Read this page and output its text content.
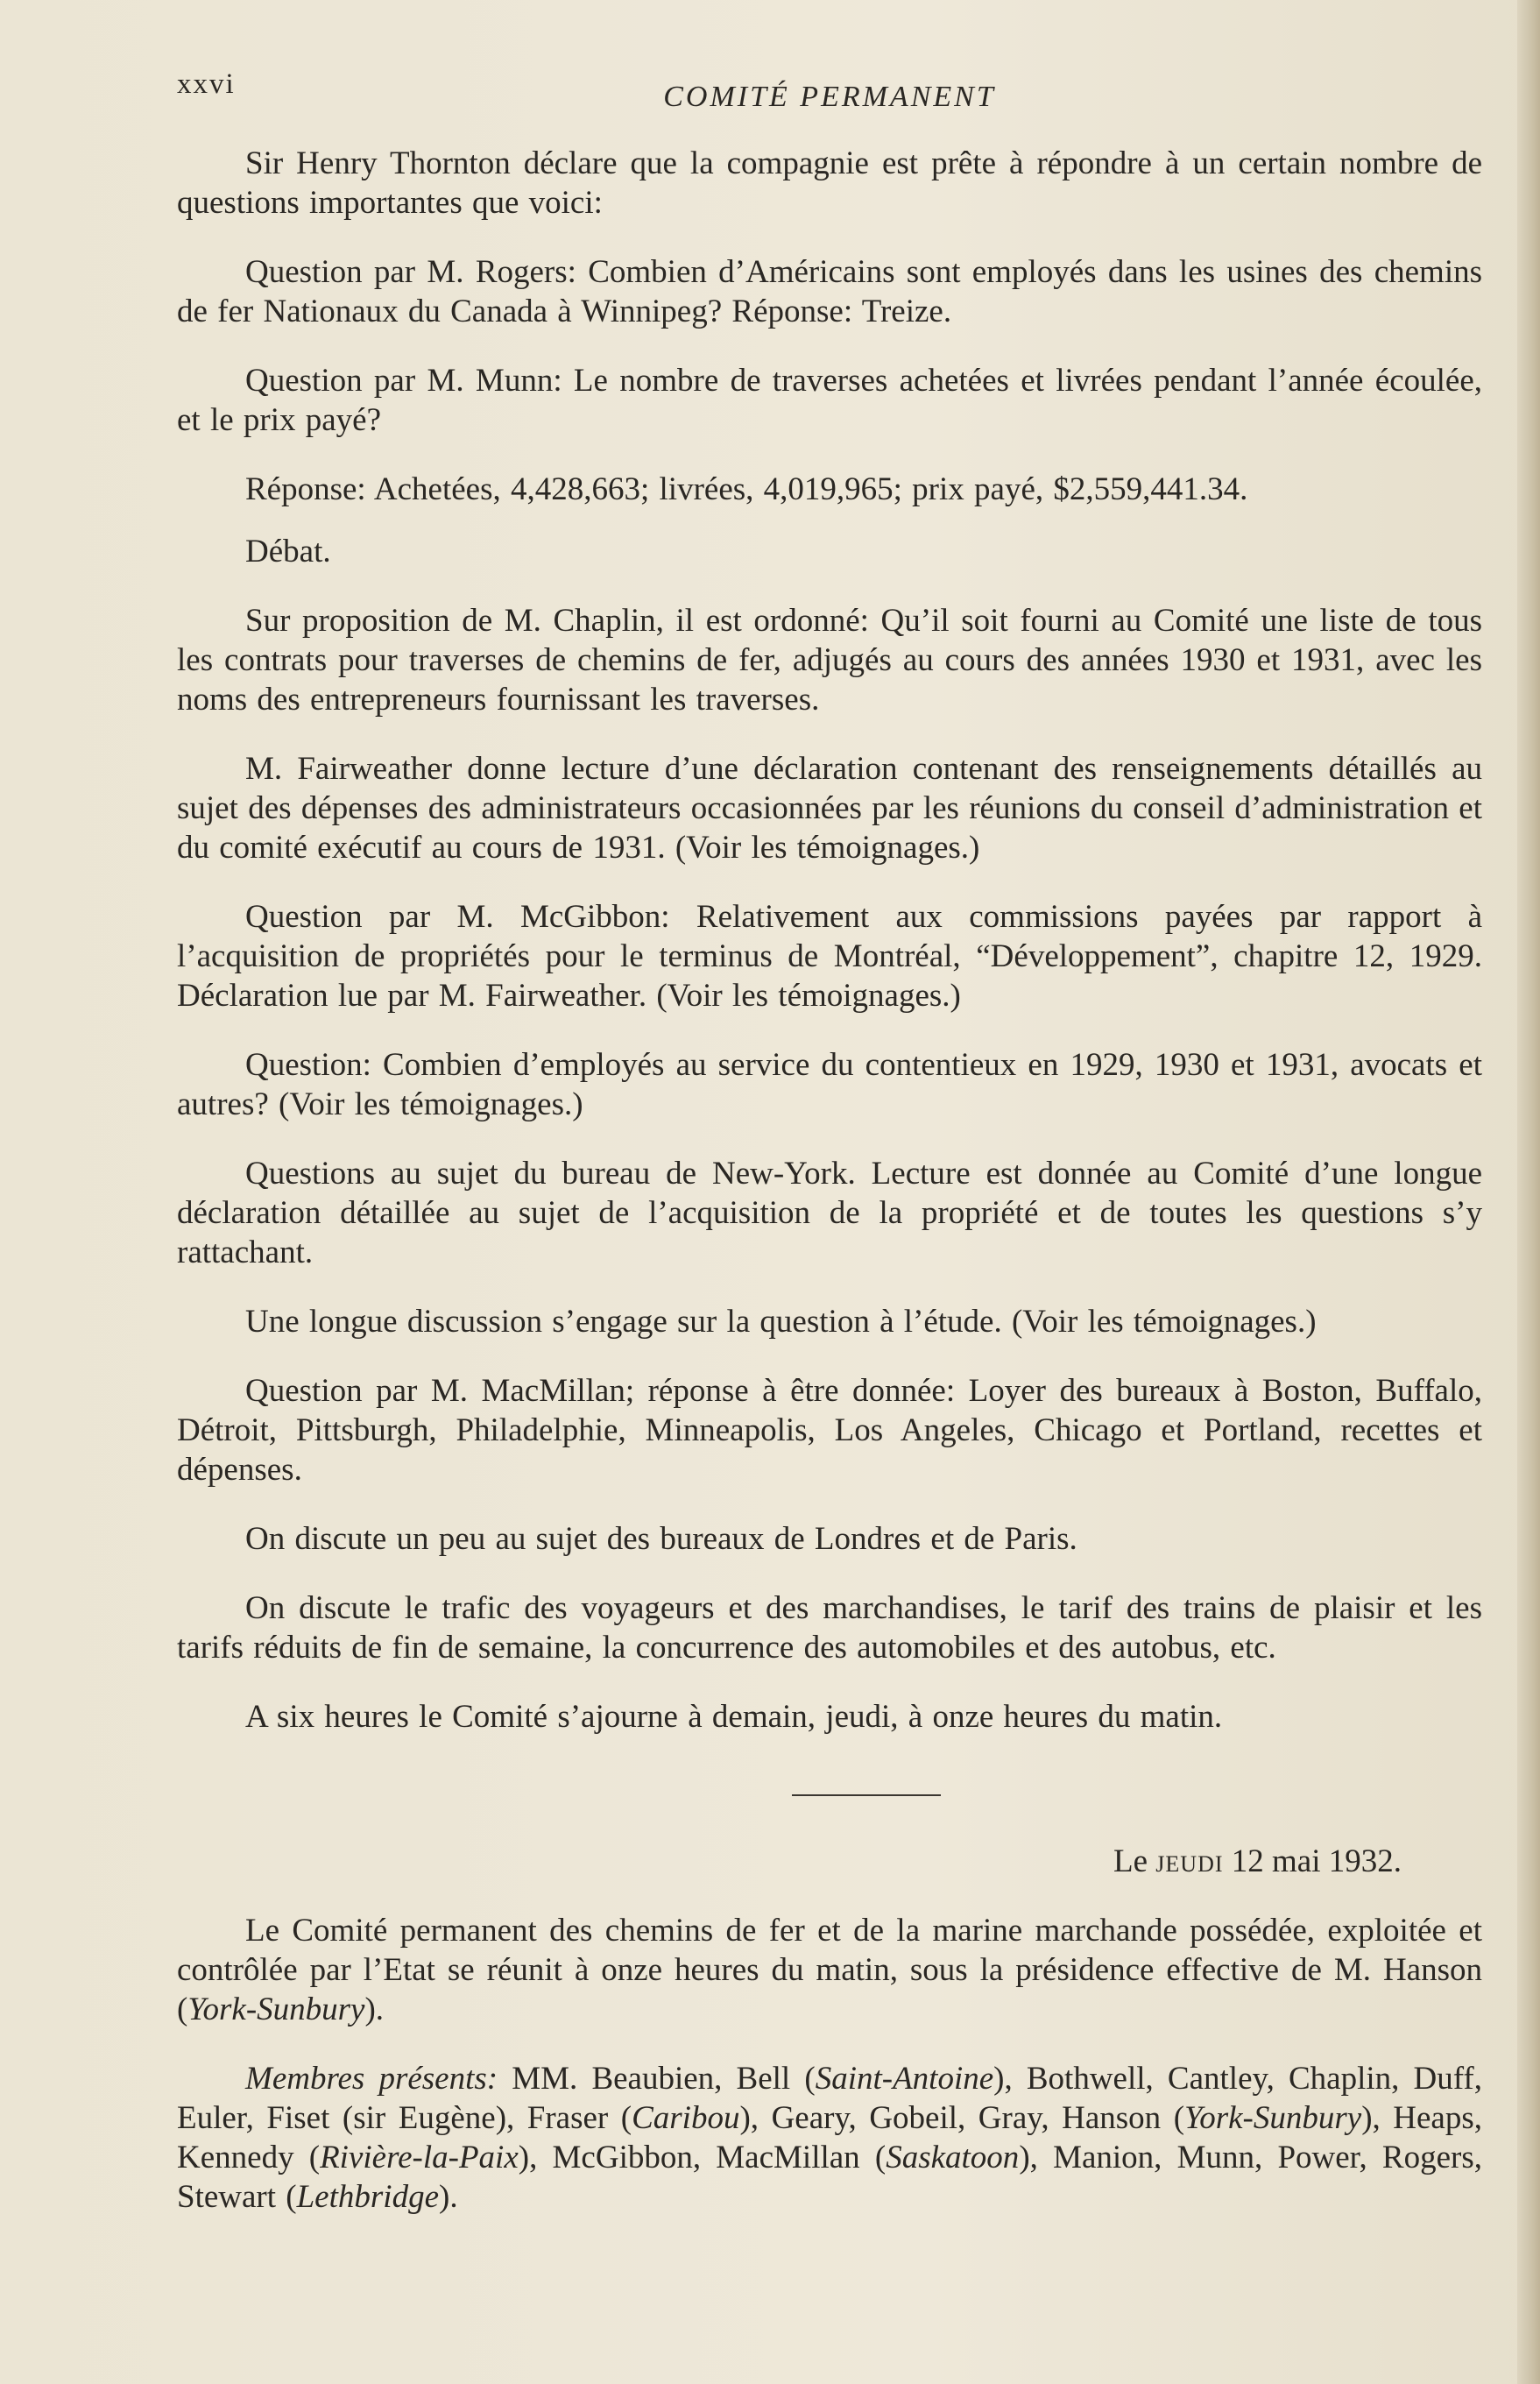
xxvi	COMITÉ PERMANENT

Sir Henry Thornton déclare que la compagnie est prête à répondre à un certain nombre de questions importantes que voici:

Question par M. Rogers: Combien d’Américains sont employés dans les usines des chemins de fer Nationaux du Canada à Winnipeg? Réponse: Treize.

Question par M. Munn: Le nombre de traverses achetées et livrées pendant l’année écoulée, et le prix payé?

Réponse: Achetées, 4,428,663; livrées, 4,019,965; prix payé, $2,559,441.34.

Débat.

Sur proposition de M. Chaplin, il est ordonné: Qu’il soit fourni au Comité une liste de tous les contrats pour traverses de chemins de fer, adjugés au cours des années 1930 et 1931, avec les noms des entrepreneurs fournissant les traverses.

M. Fairweather donne lecture d’une déclaration contenant des renseignements détaillés au sujet des dépenses des administrateurs occasionnées par les réunions du conseil d’administration et du comité exécutif au cours de 1931. (Voir les témoignages.)

Question par M. McGibbon: Relativement aux commissions payées par rapport à l’acquisition de propriétés pour le terminus de Montréal, “Développement”, chapitre 12, 1929. Déclaration lue par M. Fairweather. (Voir les témoignages.)

Question: Combien d’employés au service du contentieux en 1929, 1930 et 1931, avocats et autres? (Voir les témoignages.)

Questions au sujet du bureau de New-York. Lecture est donnée au Comité d’une longue déclaration détaillée au sujet de l’acquisition de la propriété et de toutes les questions s’y rattachant.

Une longue discussion s’engage sur la question à l’étude. (Voir les témoignages.)

Question par M. MacMillan; réponse à être donnée: Loyer des bureaux à Boston, Buffalo, Détroit, Pittsburgh, Philadelphie, Minneapolis, Los Angeles, Chicago et Portland, recettes et dépenses.

On discute un peu au sujet des bureaux de Londres et de Paris.

On discute le trafic des voyageurs et des marchandises, le tarif des trains de plaisir et les tarifs réduits de fin de semaine, la concurrence des automobiles et des autobus, etc.

A six heures le Comité s’ajourne à demain, jeudi, à onze heures du matin.

Le jeudi 12 mai 1932.

Le Comité permanent des chemins de fer et de la marine marchande possédée, exploitée et contrôlée par l’Etat se réunit à onze heures du matin, sous la présidence effective de M. Hanson (York-Sunbury).

Membres présents: MM. Beaubien, Bell (Saint-Antoine), Bothwell, Cantley, Chaplin, Duff, Euler, Fiset (sir Eugène), Fraser (Caribou), Geary, Gobeil, Gray, Hanson (York-Sunbury), Heaps, Kennedy (Rivière-la-Paix), McGibbon, MacMillan (Saskatoon), Manion, Munn, Power, Rogers, Stewart (Lethbridge).
